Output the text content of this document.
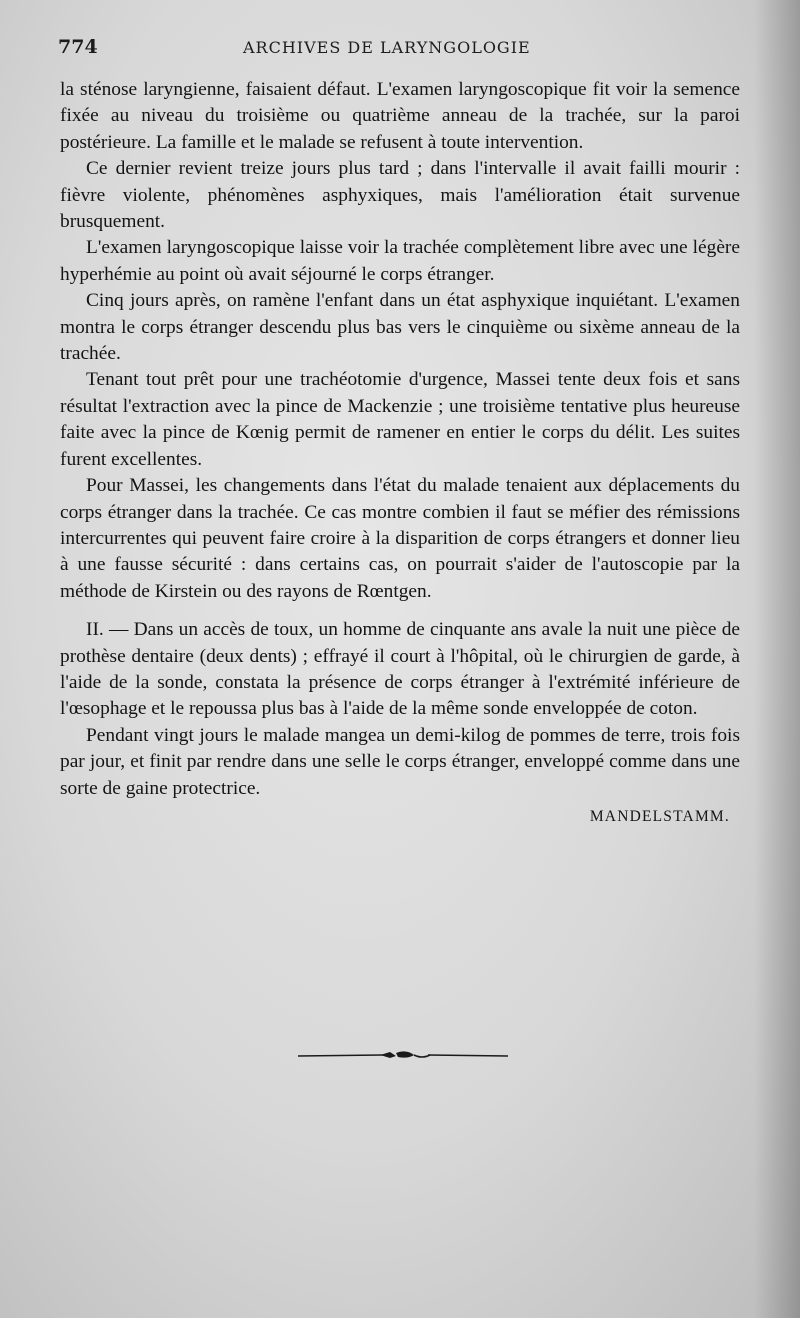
774	ARCHIVES DE LARYNGOLOGIE

la sténose laryngienne, faisaient défaut. L'examen laryngoscopique fit voir la semence fixée au niveau du troisième ou quatrième anneau de la trachée, sur la paroi postérieure. La famille et le malade se refusent à toute intervention.

Ce dernier revient treize jours plus tard ; dans l'intervalle il avait failli mourir : fièvre violente, phénomènes asphyxiques, mais l'amélioration était survenue brusquement.

L'examen laryngoscopique laisse voir la trachée complètement libre avec une légère hyperhémie au point où avait séjourné le corps étranger.

Cinq jours après, on ramène l'enfant dans un état asphyxique inquiétant. L'examen montra le corps étranger descendu plus bas vers le cinquième ou sixème anneau de la trachée.

Tenant tout prêt pour une trachéotomie d'urgence, Massei tente deux fois et sans résultat l'extraction avec la pince de Mackenzie ; une troisième tentative plus heureuse faite avec la pince de Kœnig permit de ramener en entier le corps du délit. Les suites furent excellentes.

Pour Massei, les changements dans l'état du malade tenaient aux déplacements du corps étranger dans la trachée. Ce cas montre combien il faut se méfier des rémissions intercurrentes qui peuvent faire croire à la disparition de corps étrangers et donner lieu à une fausse sécurité : dans certains cas, on pourrait s'aider de l'autoscopie par la méthode de Kirstein ou des rayons de Rœntgen.

II. — Dans un accès de toux, un homme de cinquante ans avale la nuit une pièce de prothèse dentaire (deux dents) ; effrayé il court à l'hôpital, où le chirurgien de garde, à l'aide de la sonde, constata la présence de corps étranger à l'extrémité inférieure de l'œsophage et le repoussa plus bas à l'aide de la même sonde enveloppée de coton.

Pendant vingt jours le malade mangea un demi-kilog de pommes de terre, trois fois par jour, et finit par rendre dans une selle le corps étranger, enveloppé comme dans une sorte de gaine protectrice.

MANDELSTAMM.
